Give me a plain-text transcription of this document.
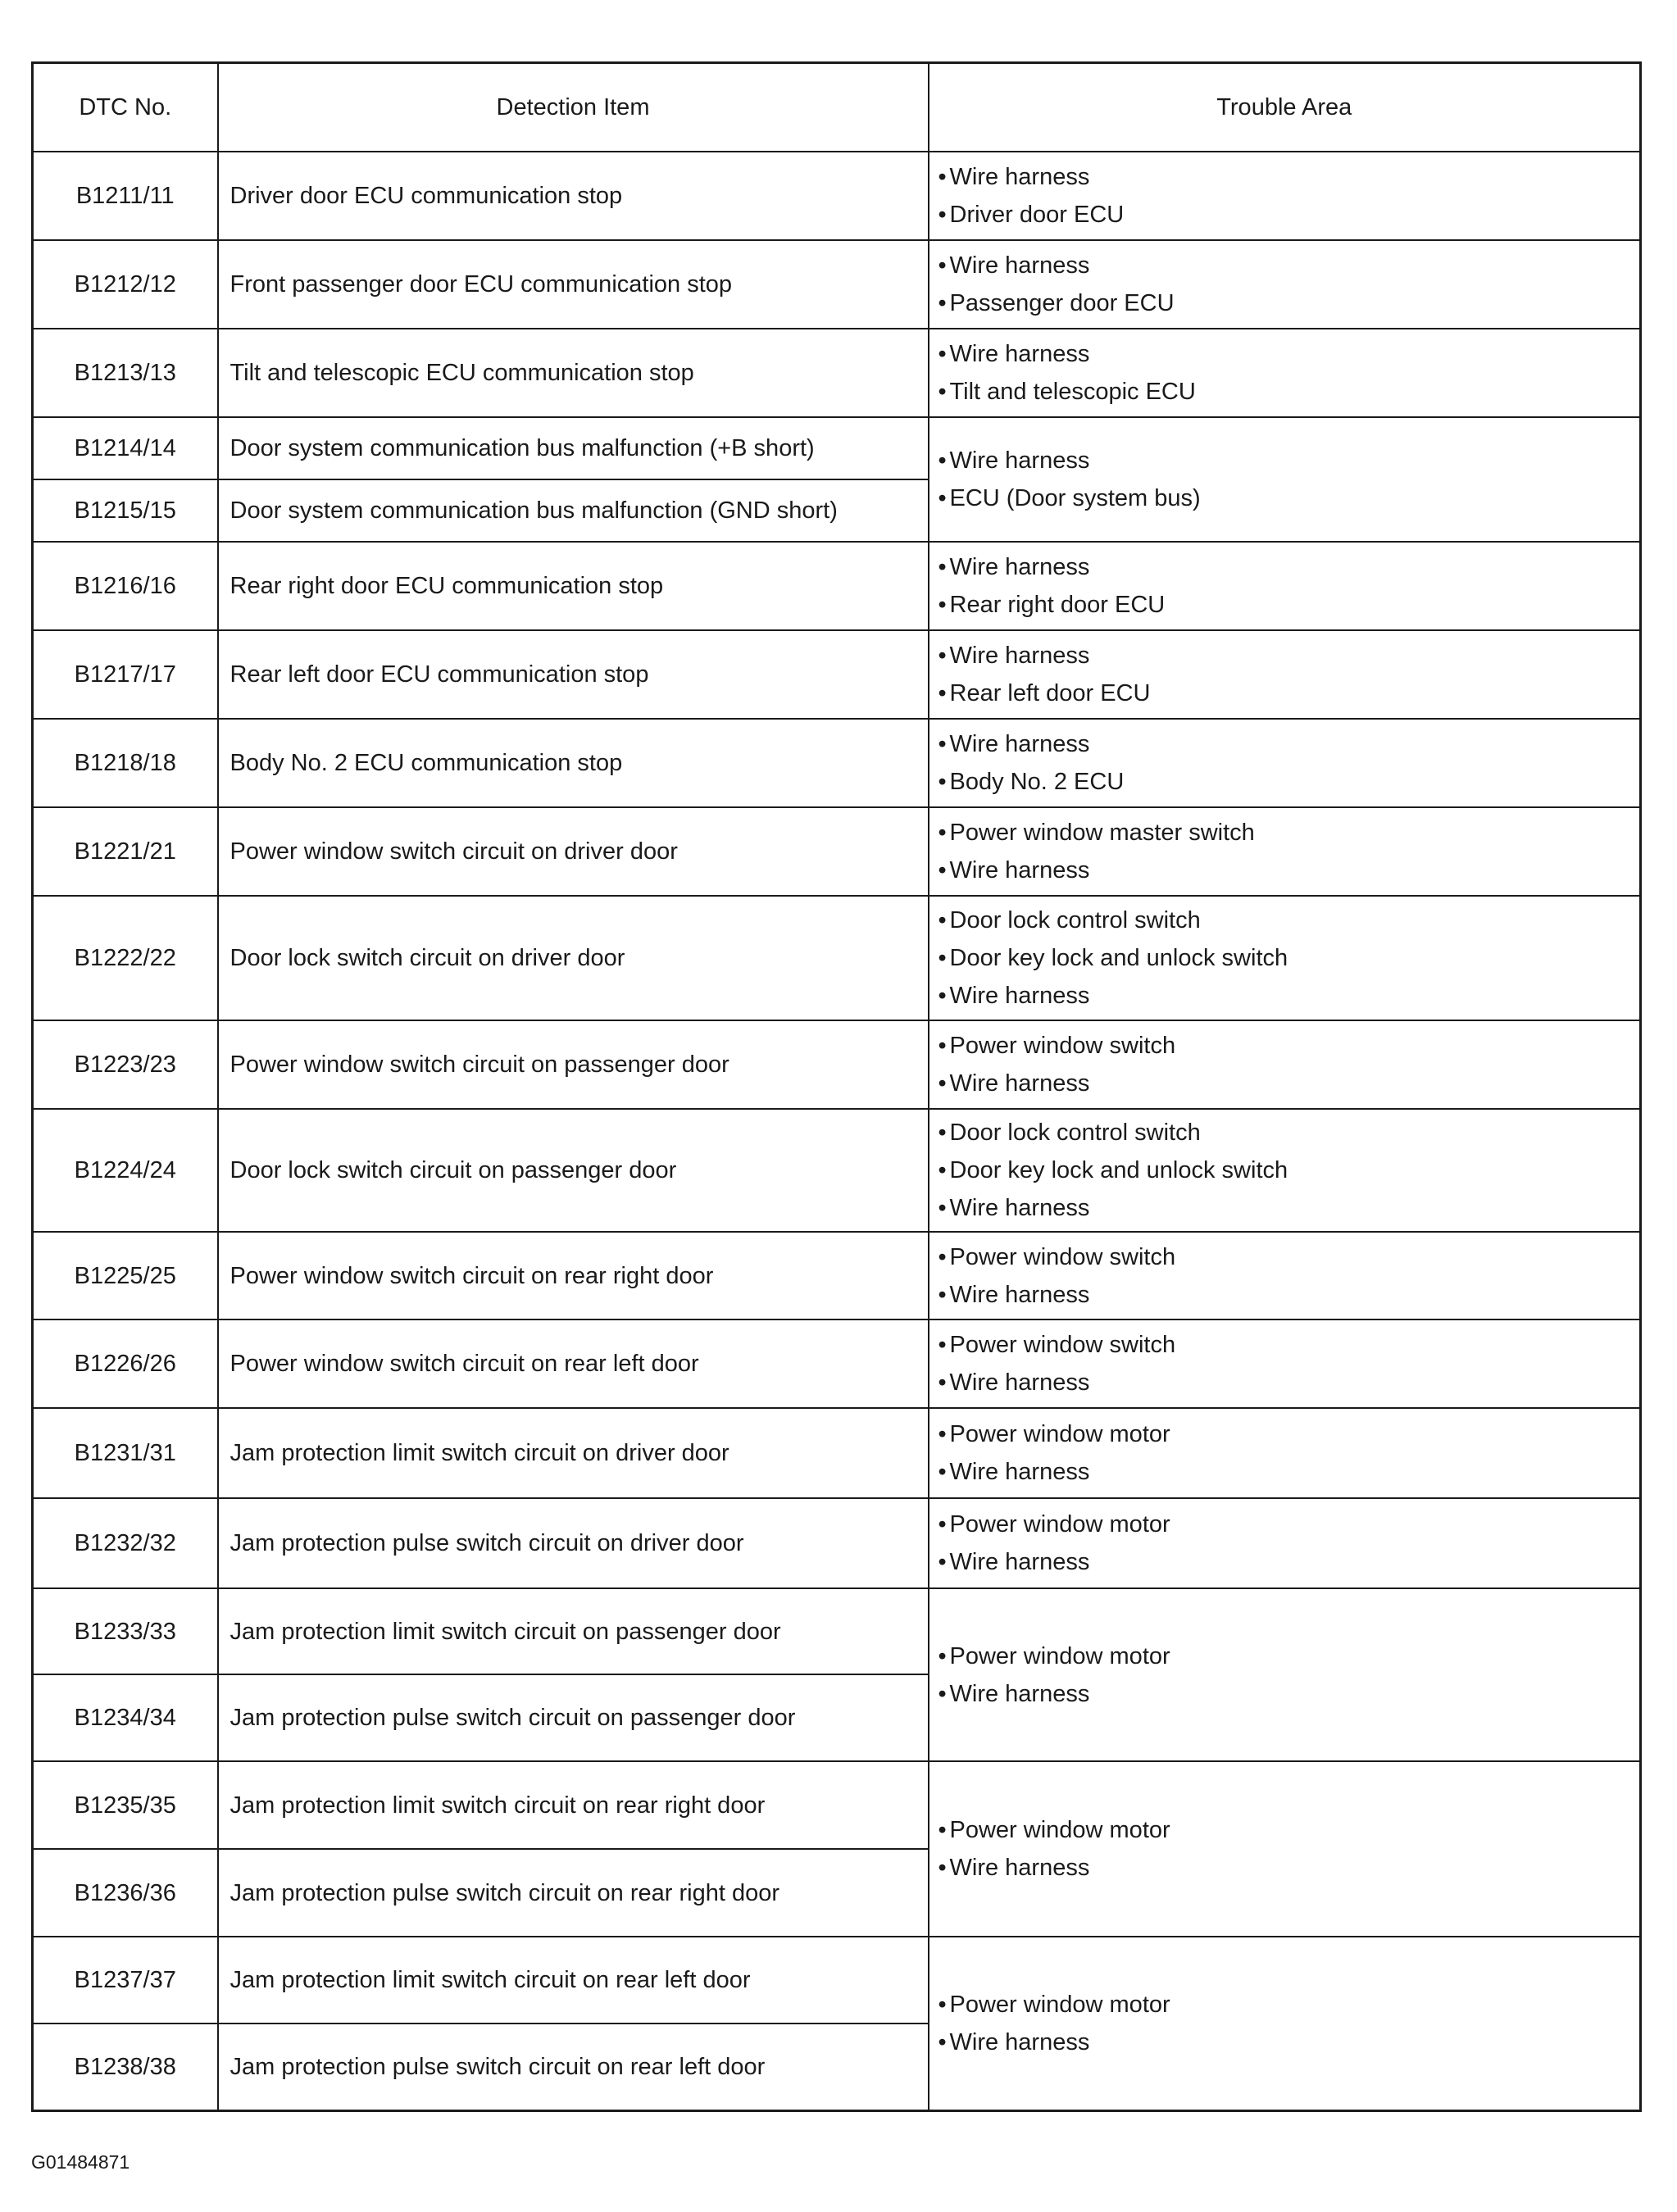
DTC No.	Detection Item	Trouble Area
B1211/11	Driver door ECU communication stop	• Wire harness
• Driver door ECU

B1212/12	Front passenger door ECU communication stop	• Wire harness
• Passenger door ECU

B1213/13	Tilt and telescopic ECU communication stop	• Wire harness
• Tilt and telescopic ECU

B1214/14	Door system communication bus malfunction (+B short)	• Wire harness
• ECU (Door system bus)

B1215/15	Door system communication bus malfunction (GND short)	
B1216/16	Rear right door ECU communication stop	• Wire harness
• Rear right door ECU

B1217/17	Rear left door ECU communication stop	• Wire harness
• Rear left door ECU

B1218/18	Body No. 2 ECU communication stop	• Wire harness
• Body No. 2 ECU

B1221/21	Power window switch circuit on driver door	• Power window master switch
• Wire harness

B1222/22	Door lock switch circuit on driver door	• Door lock control switch
• Door key lock and unlock switch
• Wire harness

B1223/23	Power window switch circuit on passenger door	• Power window switch
• Wire harness

B1224/24	Door lock switch circuit on passenger door	• Door lock control switch
• Door key lock and unlock switch
• Wire harness

B1225/25	Power window switch circuit on rear right door	• Power window switch
• Wire harness

B1226/26	Power window switch circuit on rear left door	• Power window switch
• Wire harness

B1231/31	Jam protection limit switch circuit on driver door	• Power window motor
• Wire harness

B1232/32	Jam protection pulse switch circuit on driver door	• Power window motor
• Wire harness

B1233/33	Jam protection limit switch circuit on passenger door	• Power window motor
• Wire harness

B1234/34	Jam protection pulse switch circuit on passenger door	
B1235/35	Jam protection limit switch circuit on rear right door	• Power window motor
• Wire harness

B1236/36	Jam protection pulse switch circuit on rear right door	
B1237/37	Jam protection limit switch circuit on rear left door	• Power window motor
• Wire harness

B1238/38	Jam protection pulse switch circuit on rear left door	
G01484871
